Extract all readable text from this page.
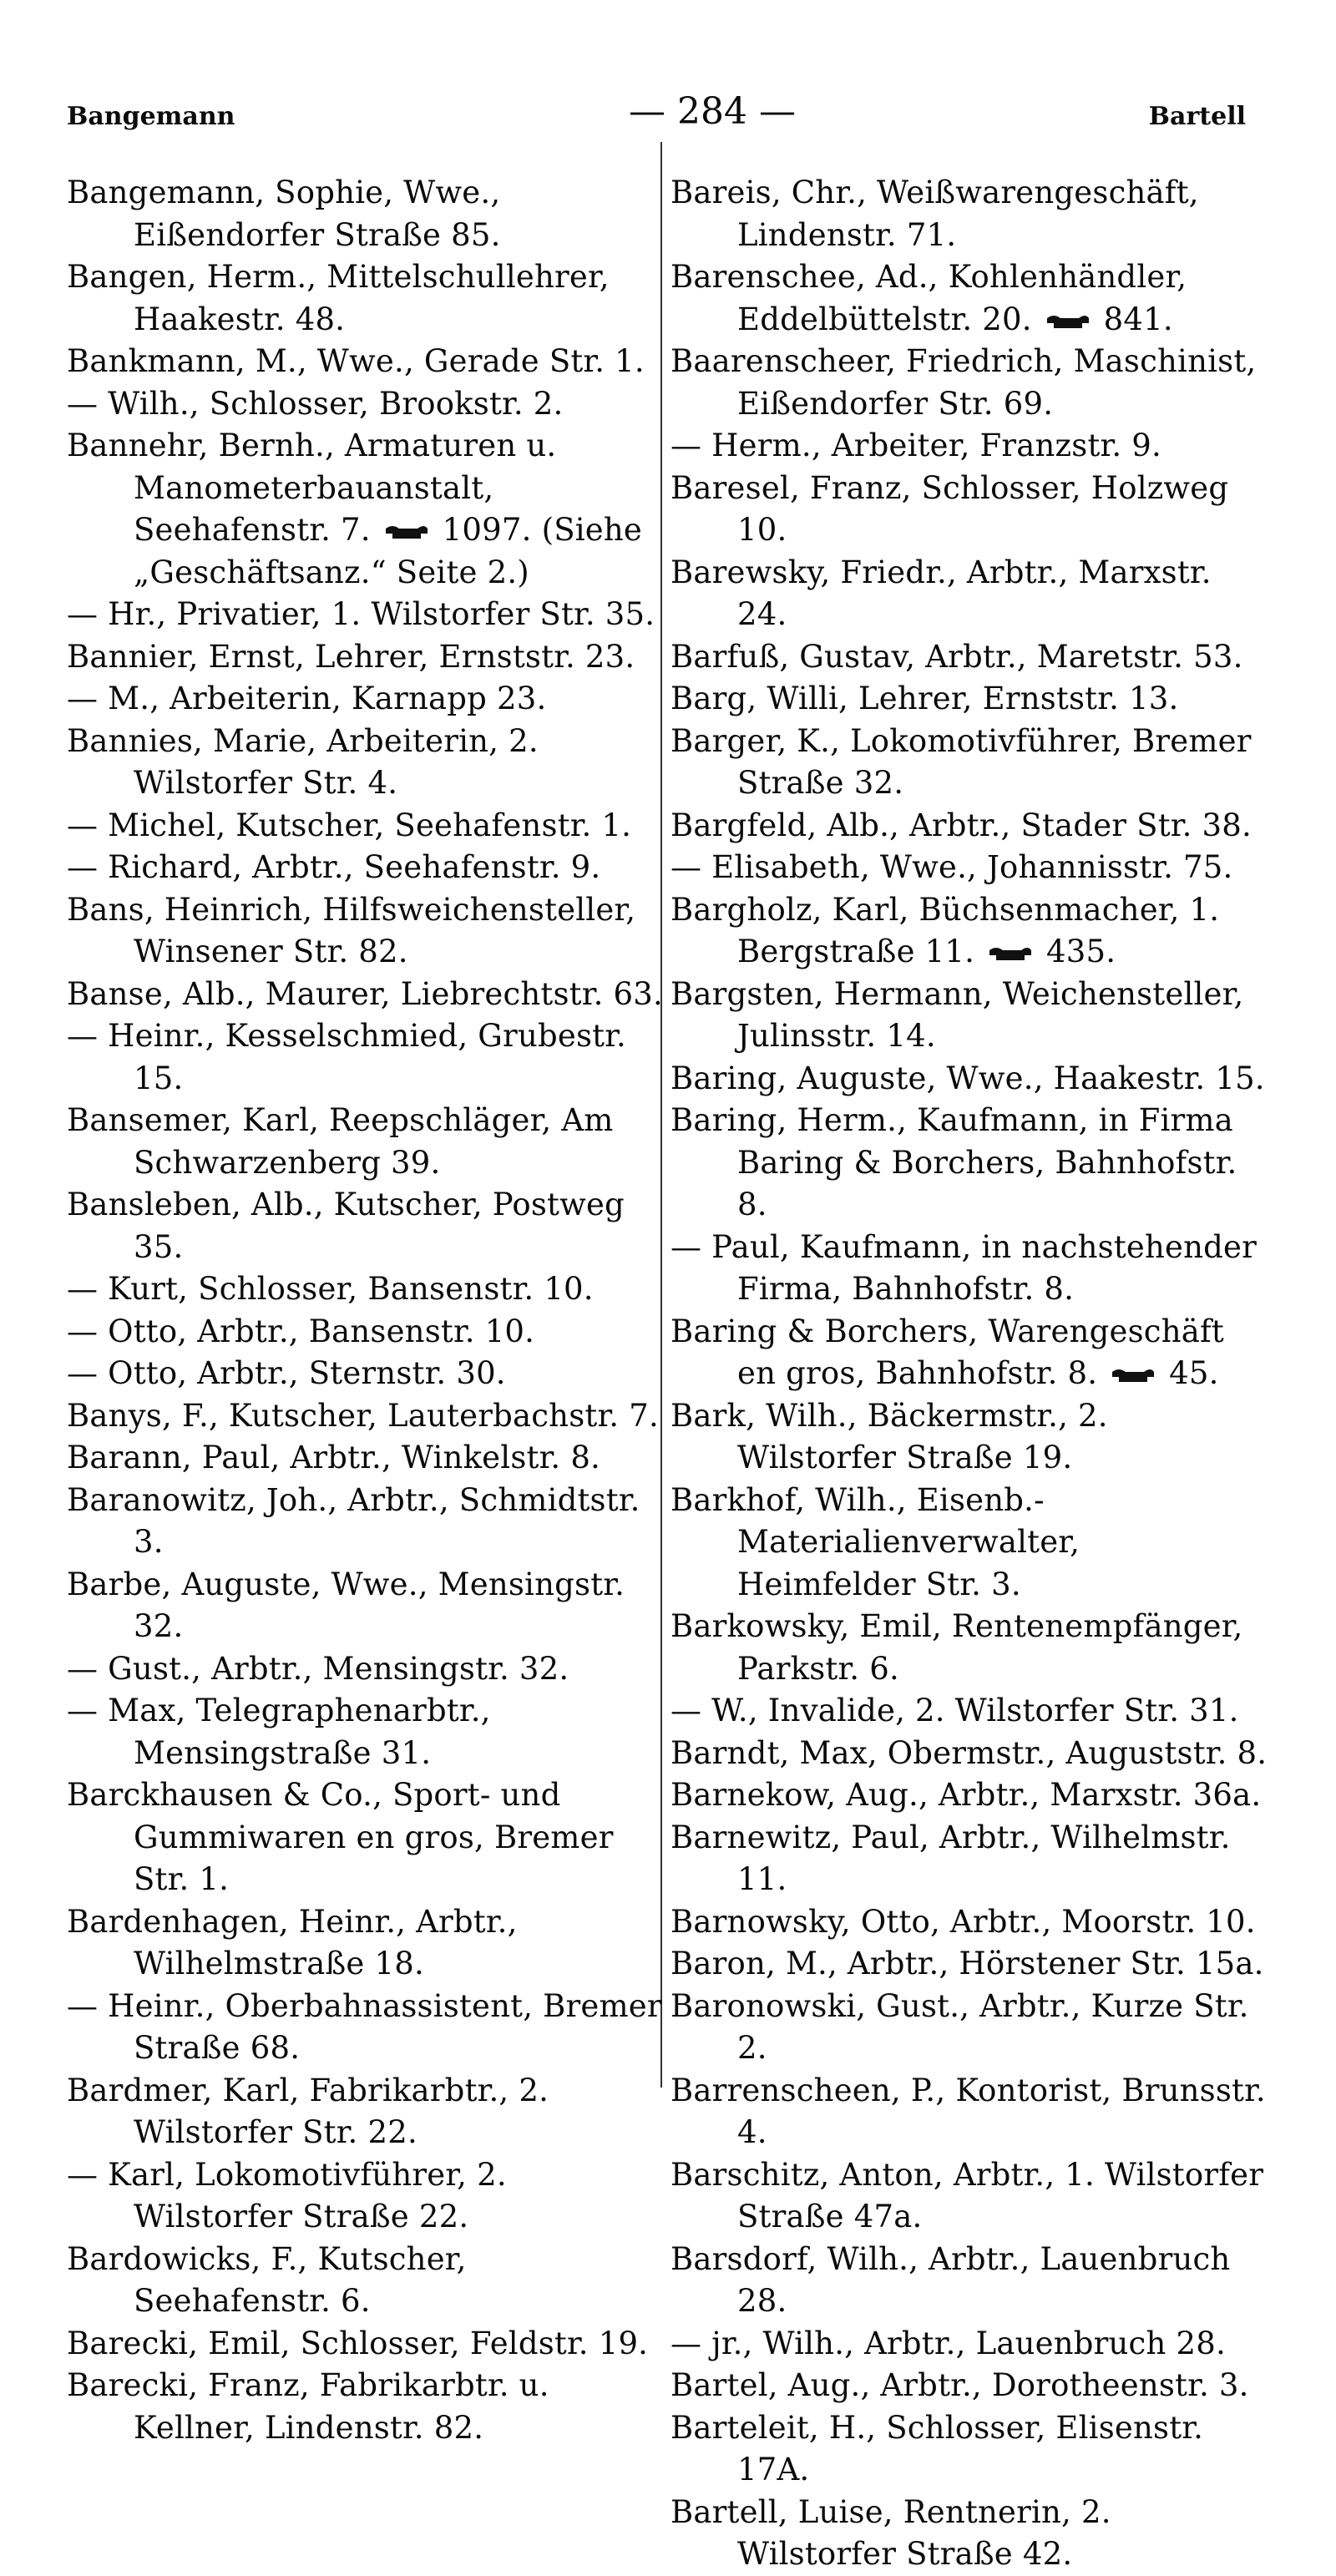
Bangemann	— 284 —	Bartell

Bangemann, Sophie, Wwe., Eißendorfer Straße 85.

Bangen, Herm., Mittelschullehrer, Haakestr. 48.

Bankmann, M., Wwe., Gerade Str. 1.

— Wilh., Schlosser, Brookstr. 2.

Bannehr, Bernh., Armaturen u. Manometerbauanstalt, Seehafenstr. 7.  1097. (Siehe „Geschäftsanz.“ Seite 2.)

— Hr., Privatier, 1. Wilstorfer Str. 35.

Bannier, Ernst, Lehrer, Ernststr. 23.

— M., Arbeiterin, Karnapp 23.

Bannies, Marie, Arbeiterin, 2. Wilstorfer Str. 4.

— Michel, Kutscher, Seehafenstr. 1.

— Richard, Arbtr., Seehafenstr. 9.

Bans, Heinrich, Hilfsweichensteller, Winsener Str. 82.

Banse, Alb., Maurer, Liebrechtstr. 63.

— Heinr., Kesselschmied, Grubestr. 15.

Bansemer, Karl, Reepschläger, Am Schwarzenberg 39.

Bansleben, Alb., Kutscher, Postweg 35.

— Kurt, Schlosser, Bansenstr. 10.

— Otto, Arbtr., Bansenstr. 10.

— Otto, Arbtr., Sternstr. 30.

Banys, F., Kutscher, Lauterbachstr. 7.

Barann, Paul, Arbtr., Winkelstr. 8.

Baranowitz, Joh., Arbtr., Schmidtstr. 3.

Barbe, Auguste, Wwe., Mensingstr. 32.

— Gust., Arbtr., Mensingstr. 32.

— Max, Telegraphenarbtr., Mensingstraße 31.

Barckhausen & Co., Sport- und Gummiwaren en gros, Bremer Str. 1.

Bardenhagen, Heinr., Arbtr., Wilhelmstraße 18.

— Heinr., Oberbahnassistent, Bremer Straße 68.

Bardmer, Karl, Fabrikarbtr., 2. Wilstorfer Str. 22.

— Karl, Lokomotivführer, 2. Wilstorfer Straße 22.

Bardowicks, F., Kutscher, Seehafenstr. 6.

Barecki, Emil, Schlosser, Feldstr. 19.

Barecki, Franz, Fabrikarbtr. u. Kellner, Lindenstr. 82.

Bareis, Chr., Weißwarengeschäft, Lindenstr. 71.

Barenschee, Ad., Kohlenhändler, Eddelbüttelstr. 20.  841.

Baarenscheer, Friedrich, Maschinist, Eißendorfer Str. 69.

— Herm., Arbeiter, Franzstr. 9.

Baresel, Franz, Schlosser, Holzweg 10.

Barewsky, Friedr., Arbtr., Marxstr. 24.

Barfuß, Gustav, Arbtr., Maretstr. 53.

Barg, Willi, Lehrer, Ernststr. 13.

Barger, K., Lokomotivführer, Bremer Straße 32.

Bargfeld, Alb., Arbtr., Stader Str. 38.

— Elisabeth, Wwe., Johannisstr. 75.

Bargholz, Karl, Büchsenmacher, 1. Bergstraße 11.  435.

Bargsten, Hermann, Weichensteller, Julinsstr. 14.

Baring, Auguste, Wwe., Haakestr. 15.

Baring, Herm., Kaufmann, in Firma Baring & Borchers, Bahnhofstr. 8.

— Paul, Kaufmann, in nachstehender Firma, Bahnhofstr. 8.

Baring & Borchers, Warengeschäft en gros, Bahnhofstr. 8.  45.

Bark, Wilh., Bäckermstr., 2. Wilstorfer Straße 19.

Barkhof, Wilh., Eisenb.-Materialienverwalter, Heimfelder Str. 3.

Barkowsky, Emil, Rentenempfänger, Parkstr. 6.

— W., Invalide, 2. Wilstorfer Str. 31.

Barndt, Max, Obermstr., Auguststr. 8.

Barnekow, Aug., Arbtr., Marxstr. 36a.

Barnewitz, Paul, Arbtr., Wilhelmstr. 11.

Barnowsky, Otto, Arbtr., Moorstr. 10.

Baron, M., Arbtr., Hörstener Str. 15a.

Baronowski, Gust., Arbtr., Kurze Str. 2.

Barrenscheen, P., Kontorist, Brunsstr. 4.

Barschitz, Anton, Arbtr., 1. Wilstorfer Straße 47a.

Barsdorf, Wilh., Arbtr., Lauenbruch 28.

— jr., Wilh., Arbtr., Lauenbruch 28.

Bartel, Aug., Arbtr., Dorotheenstr. 3.

Barteleit, H., Schlosser, Elisenstr. 17A.

Bartell, Luise, Rentnerin, 2. Wilstorfer Straße 42.
